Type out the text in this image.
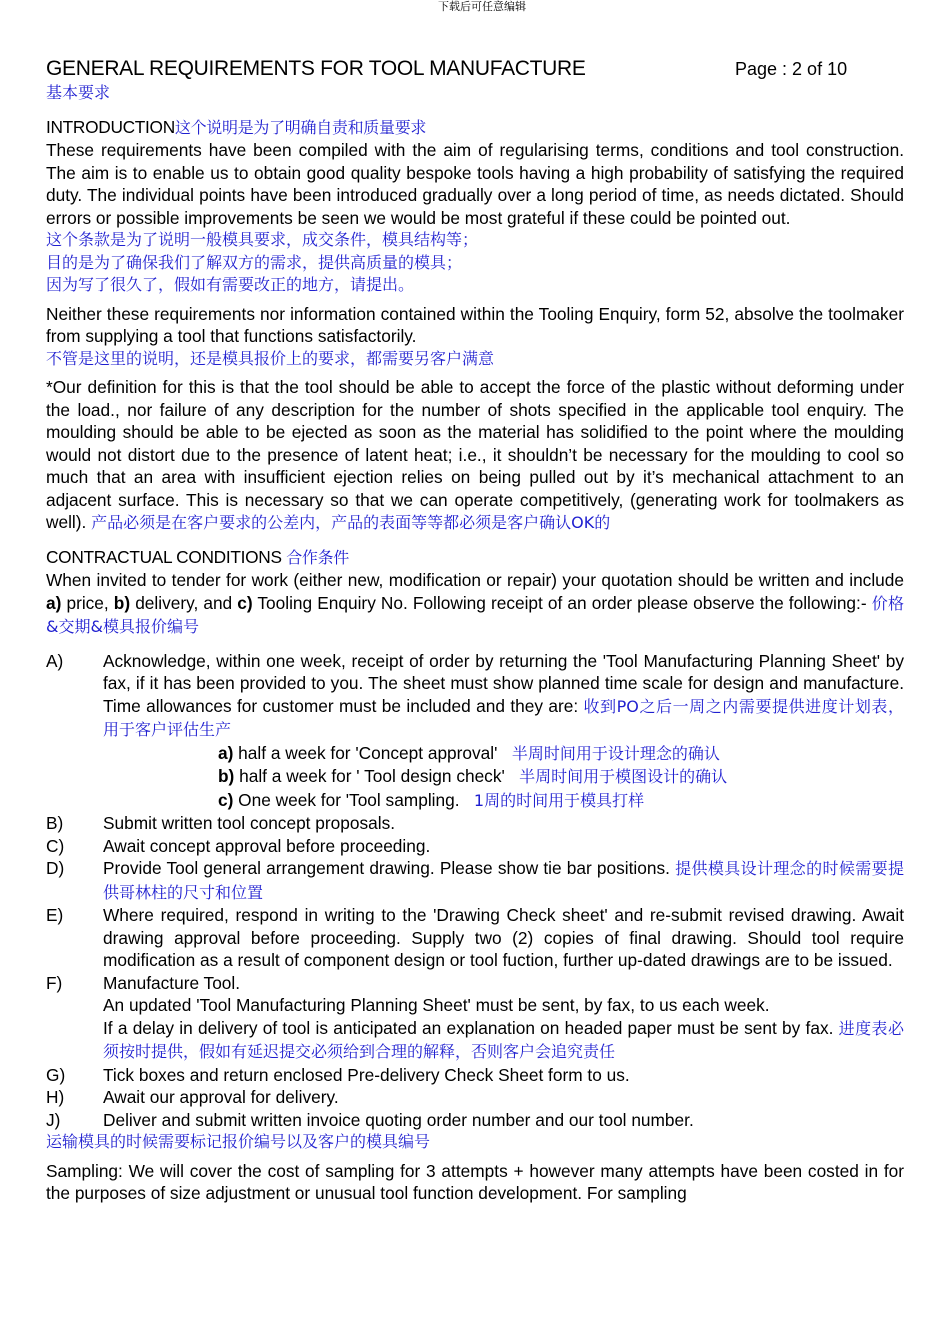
下载后可任意编辑
GENERAL REQUIREMENTS FOR TOOL MANUFACTURE	Page : 2 of 10
基本要求
INTRODUCTION这个说明是为了明确自责和质量要求
These requirements have been compiled with the aim of regularising terms, conditions and tool construction. The aim is to enable us to obtain good quality bespoke tools having a high probability of satisfying the required duty. The individual points have been introduced gradually over a long period of time, as needs dictated. Should errors or possible improvements be seen we would be most grateful if these could be pointed out.
这个条款是为了说明一般模具要求，成交条件，模具结构等；
目的是为了确保我们了解双方的需求，提供高质量的模具；
因为写了很久了，假如有需要改正的地方，请提出。
Neither these requirements nor information contained within the Tooling Enquiry, form 52, absolve the toolmaker from supplying a tool that functions satisfactorily.
不管是这里的说明，还是模具报价上的要求，都需要另客户满意
*Our definition for this is that the tool should be able to accept the force of the plastic without deforming under the load., nor failure of any description for the number of shots specified in the applicable tool enquiry. The moulding should be able to be ejected as soon as the material has solidified to the point where the moulding would not distort due to the presence of latent heat; i.e., it shouldn’t be necessary for the moulding to cool so much that an area with insufficient ejection relies on being pulled out by it’s mechanical attachment to an adjacent surface. This is necessary so that we can operate competitively, (generating work for toolmakers as well). 产品必须是在客户要求的公差内，产品的表面等等都必须是客户确认OK的
CONTRACTUAL CONDITIONS 合作条件
When invited to tender for work (either new, modification or repair) your quotation should be written and include a) price, b) delivery, and c) Tooling Enquiry No. Following receipt of an order please observe the following:- 价格&交期&模具报价编号
A) Acknowledge, within one week, receipt of order by returning the 'Tool Manufacturing Planning Sheet' by fax, if it has been provided to you. The sheet must show planned time scale for design and manufacture. Time allowances for customer must be included and they are: 收到PO之后一周之内需要提供进度计划表，用于客户评估生产
a) half a week for 'Concept approval' 半周时间用于设计理念的确认
b) half a week for ' Tool design check' 半周时间用于模图设计的确认
c) One week for 'Tool sampling. 1周的时间用于模具打样
B) Submit written tool concept proposals.
C) Await concept approval before proceeding.
D) Provide Tool general arrangement drawing. Please show tie bar positions. 提供模具设计理念的时候需要提供哥林柱的尺寸和位置
E) Where required, respond in writing to the 'Drawing Check sheet' and re-submit revised drawing. Await drawing approval before proceeding. Supply two (2) copies of final drawing. Should tool require modification as a result of component design or tool fuction, further up-dated drawings are to be issued.
F) Manufacture Tool.
An updated 'Tool Manufacturing Planning Sheet' must be sent, by fax, to us each week.
If a delay in delivery of tool is anticipated an explanation on headed paper must be sent by fax. 进度表必须按时提供，假如有延迟提交必须给到合理的解释，否则客户会追究责任
G) Tick boxes and return enclosed Pre-delivery Check Sheet form to us.
H) Await our approval for delivery.
J) Deliver and submit written invoice quoting order number and our tool number.
运输模具的时候需要标记报价编号以及客户的模具编号
Sampling: We will cover the cost of sampling for 3 attempts + however many attempts have been costed in for the purposes of size adjustment or unusual tool function development. For sampling
